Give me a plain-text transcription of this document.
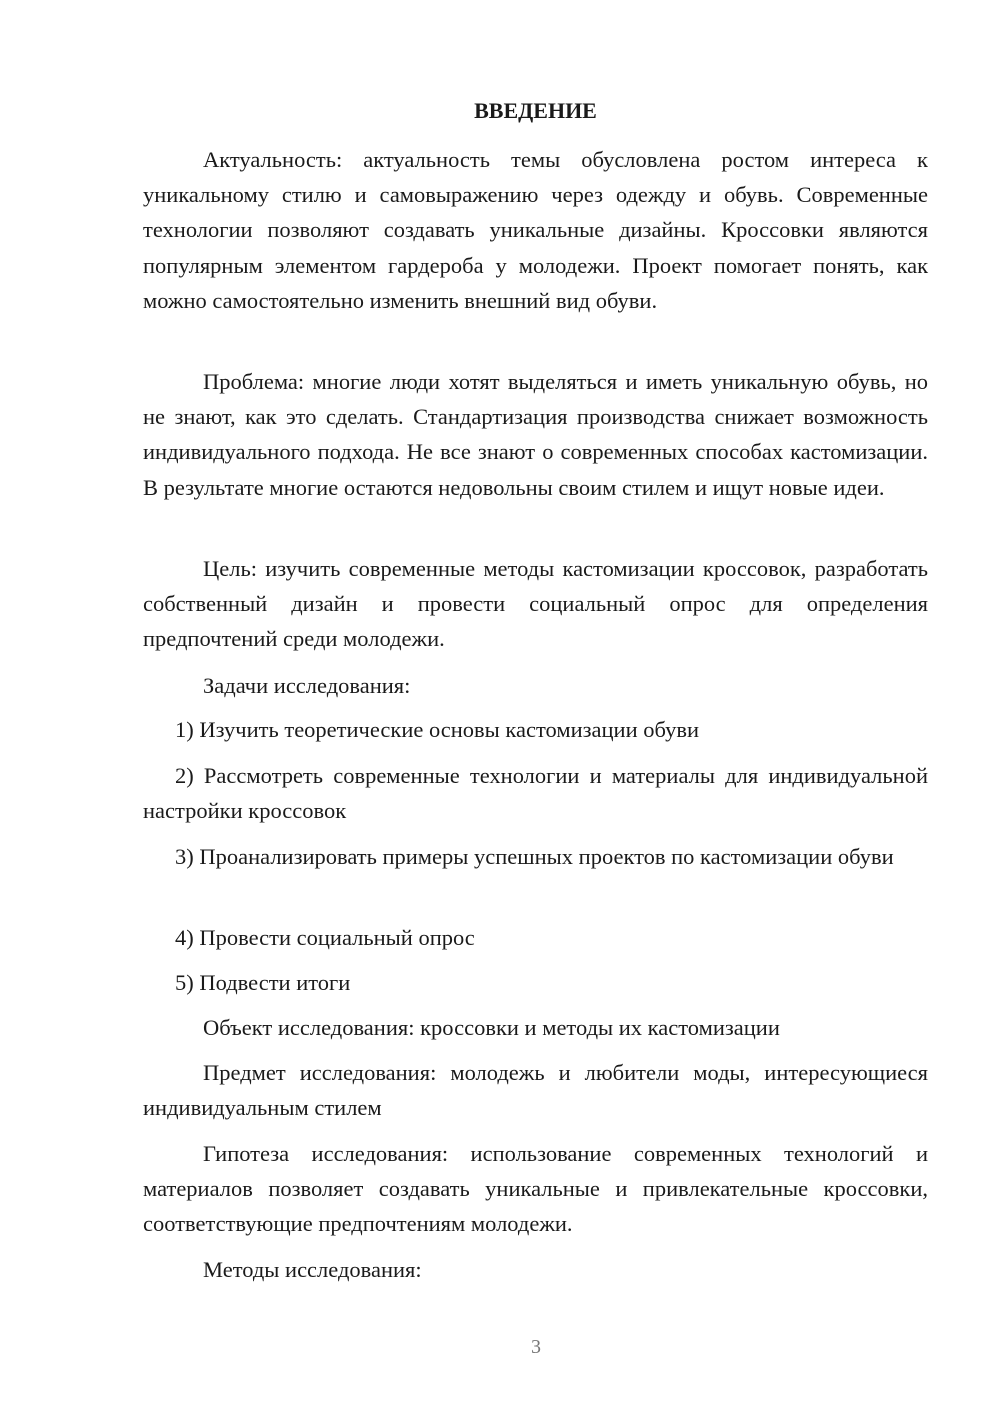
ВВЕДЕНИЕ

Актуальность: актуальность темы обусловлена ростом интереса к уникальному стилю и самовыражению через одежду и обувь. Современные технологии позволяют создавать уникальные дизайны. Кроссовки являются популярным элементом гардероба у молодежи. Проект помогает понять, как можно самостоятельно изменить внешний вид обуви.

Проблема: многие люди хотят выделяться и иметь уникальную обувь, но не знают, как это сделать. Стандартизация производства снижает возможность индивидуального подхода. Не все знают о современных способах кастомизации. В результате многие остаются недовольны своим стилем и ищут новые идеи.

Цель: изучить современные методы кастомизации кроссовок, разработать собственный дизайн и провести социальный опрос для определения предпочтений среди молодежи.

Задачи исследования:

1) Изучить теоретические основы кастомизации обуви

2) Рассмотреть современные технологии и материалы для индивидуальной настройки кроссовок

3) Проанализировать примеры успешных проектов по кастомизации обуви

4) Провести социальный опрос

5) Подвести итоги

Объект исследования: кроссовки и методы их кастомизации

Предмет исследования: молодежь и любители моды, интересующиеся индивидуальным стилем

Гипотеза исследования: использование современных технологий и материалов позволяет создавать уникальные и привлекательные кроссовки, соответствующие предпочтениям молодежи.

Методы исследования:

3
